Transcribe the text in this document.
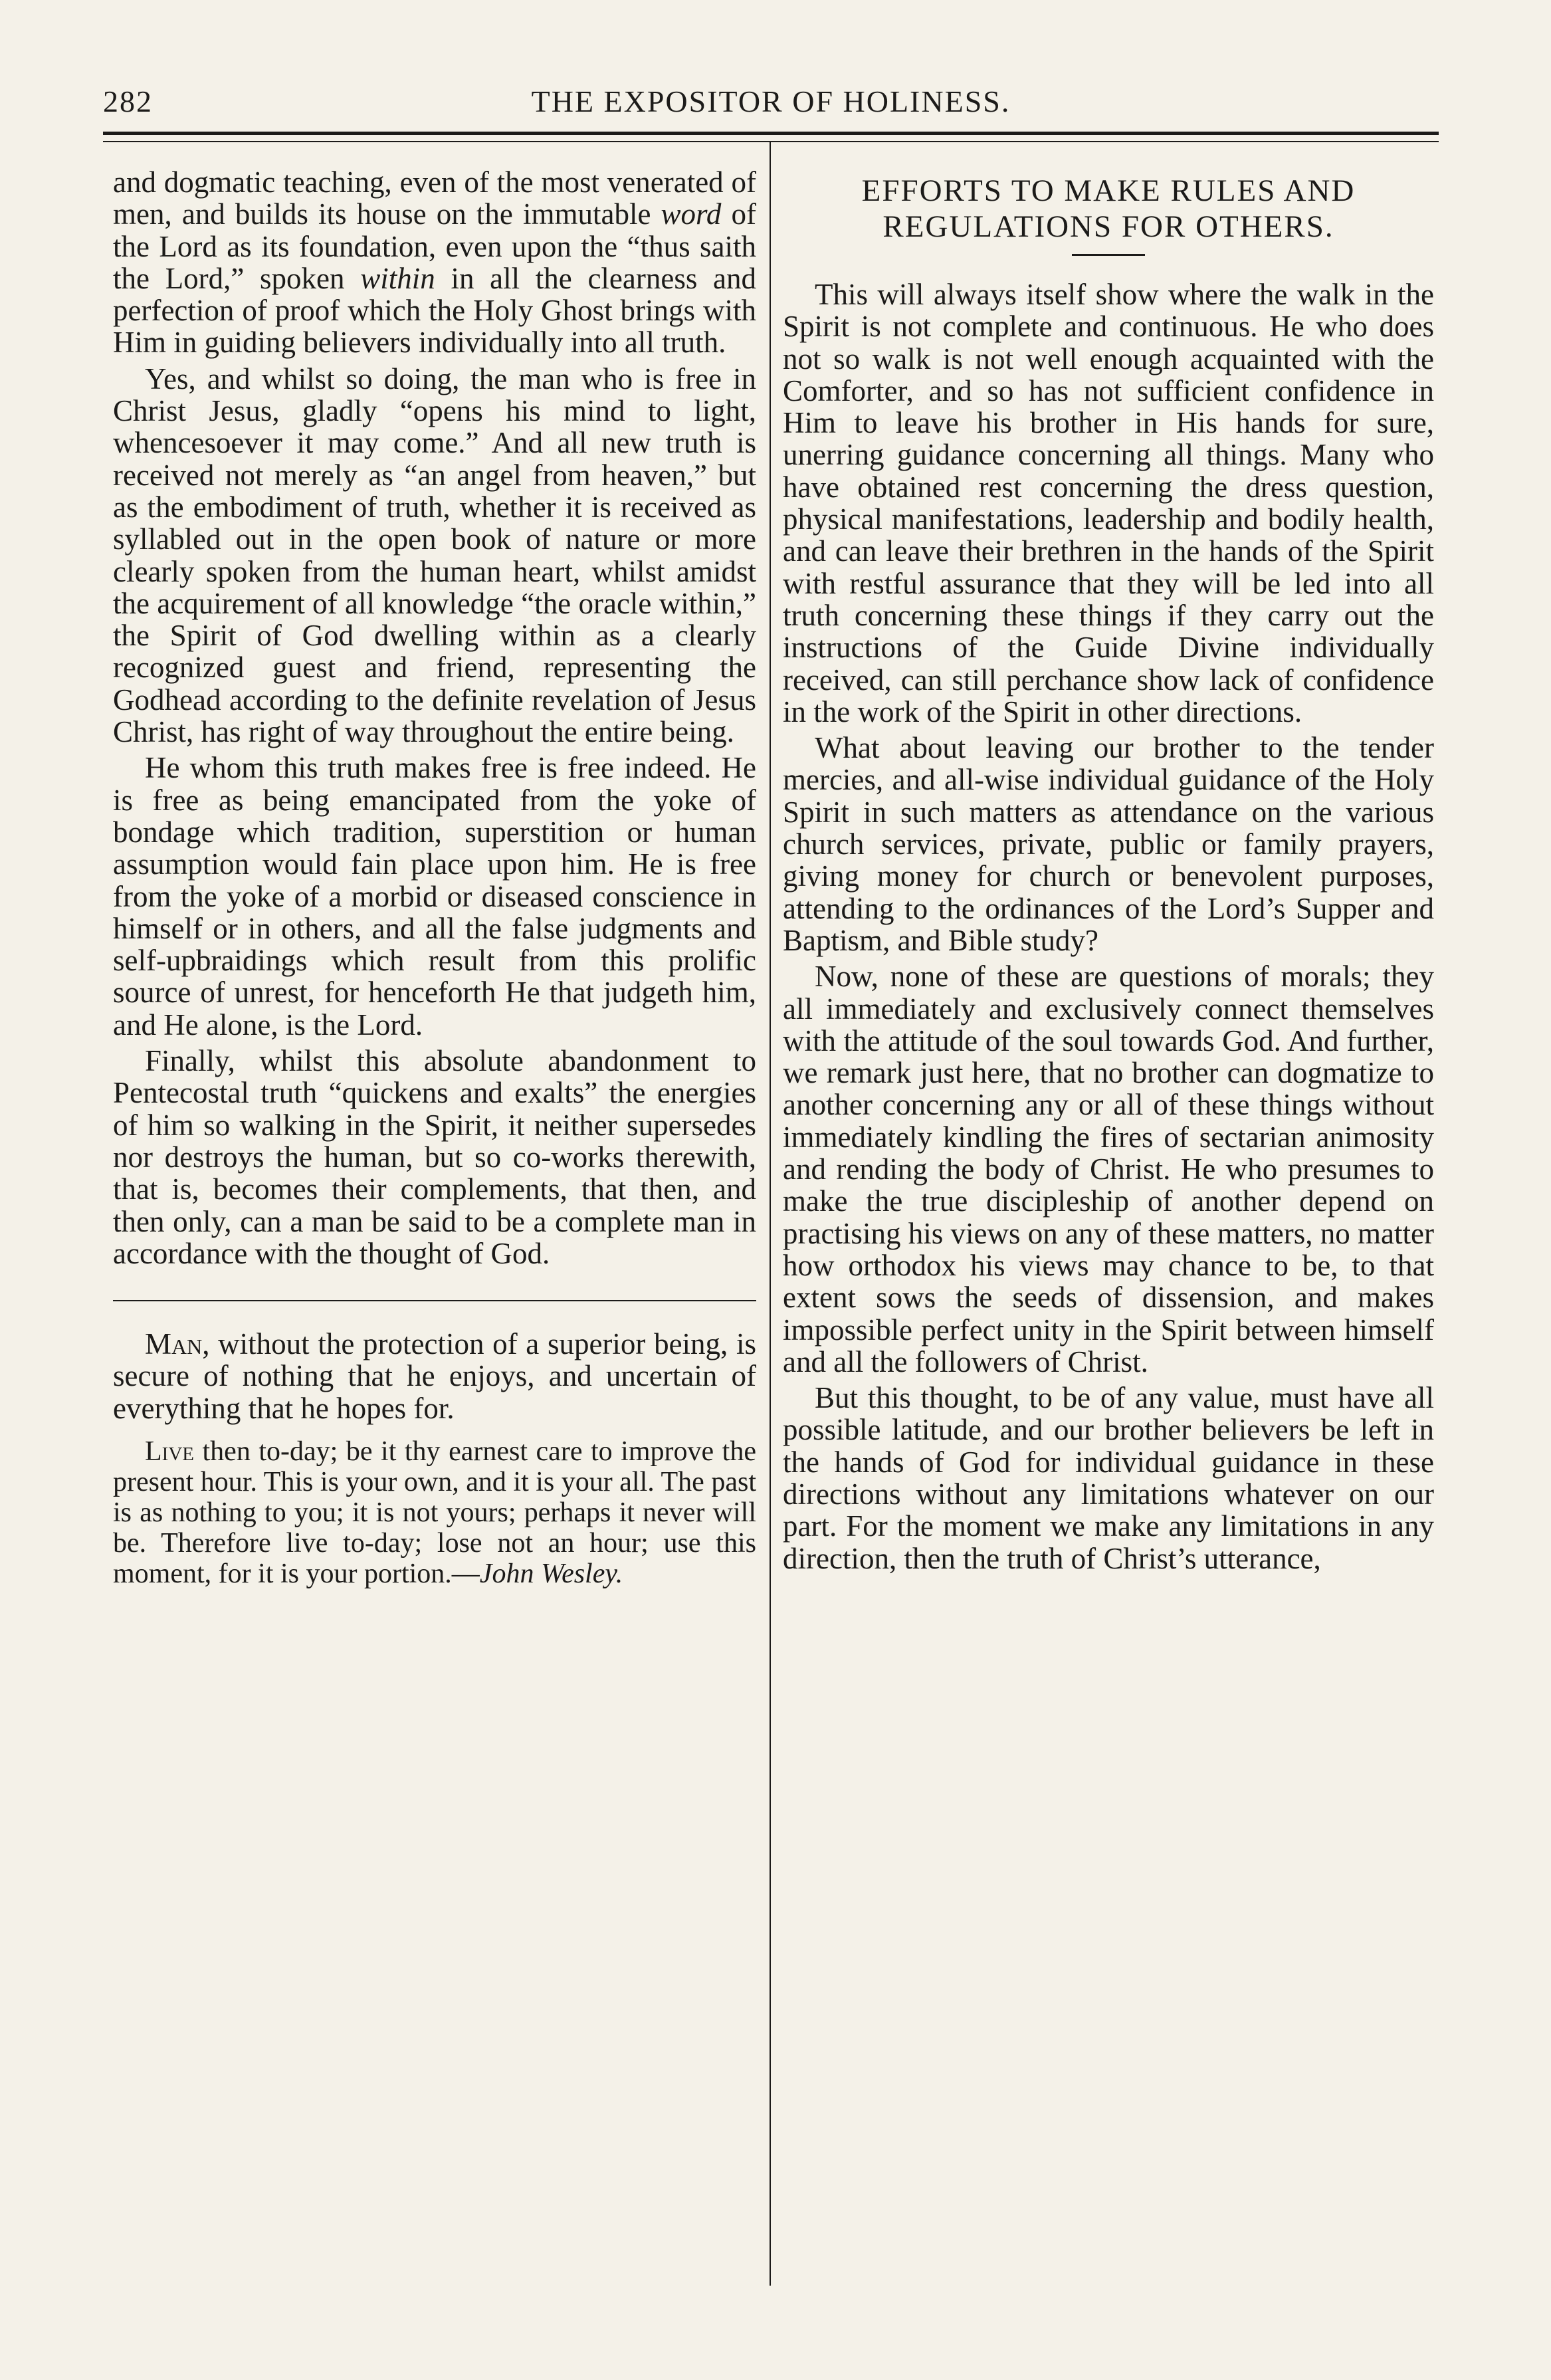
282	THE EXPOSITOR OF HOLINESS.

and dogmatic teaching, even of the most venerated of men, and builds its house on the immutable word of the Lord as its foundation, even upon the “thus saith the Lord,” spoken within in all the clearness and perfection of proof which the Holy Ghost brings with Him in guiding believers individually into all truth.

Yes, and whilst so doing, the man who is free in Christ Jesus, gladly “opens his mind to light, whencesoever it may come.” And all new truth is received not merely as “an angel from heaven,” but as the embodiment of truth, whether it is received as syllabled out in the open book of nature or more clearly spoken from the human heart, whilst amidst the acquirement of all knowledge “the oracle within,” the Spirit of God dwelling within as a clearly recognized guest and friend, representing the Godhead according to the definite revelation of Jesus Christ, has right of way throughout the entire being.

He whom this truth makes free is free indeed. He is free as being emancipated from the yoke of bondage which tradition, superstition or human assumption would fain place upon him. He is free from the yoke of a morbid or diseased conscience in himself or in others, and all the false judgments and self-upbraidings which result from this prolific source of unrest, for henceforth He that judgeth him, and He alone, is the Lord.

Finally, whilst this absolute abandonment to Pentecostal truth “quickens and exalts” the energies of him so walking in the Spirit, it neither supersedes nor destroys the human, but so co-works therewith, that is, becomes their complements, that then, and then only, can a man be said to be a complete man in accordance with the thought of God.

Man, without the protection of a superior being, is secure of nothing that he enjoys, and uncertain of everything that he hopes for.

Live then to-day; be it thy earnest care to improve the present hour. This is your own, and it is your all. The past is as nothing to you; it is not yours; perhaps it never will be. Therefore live to-day; lose not an hour; use this moment, for it is your portion.—John Wesley.

EFFORTS TO MAKE RULES AND REGULATIONS FOR OTHERS.

This will always itself show where the walk in the Spirit is not complete and continuous. He who does not so walk is not well enough acquainted with the Comforter, and so has not sufficient confidence in Him to leave his brother in His hands for sure, unerring guidance concerning all things. Many who have obtained rest concerning the dress question, physical manifestations, leadership and bodily health, and can leave their brethren in the hands of the Spirit with restful assurance that they will be led into all truth concerning these things if they carry out the instructions of the Guide Divine individually received, can still perchance show lack of confidence in the work of the Spirit in other directions.

What about leaving our brother to the tender mercies, and all-wise individual guidance of the Holy Spirit in such matters as attendance on the various church services, private, public or family prayers, giving money for church or benevolent purposes, attending to the ordinances of the Lord’s Supper and Baptism, and Bible study?

Now, none of these are questions of morals; they all immediately and exclusively connect themselves with the attitude of the soul towards God. And further, we remark just here, that no brother can dogmatize to another concerning any or all of these things without immediately kindling the fires of sectarian animosity and rending the body of Christ. He who presumes to make the true discipleship of another depend on practising his views on any of these matters, no matter how orthodox his views may chance to be, to that extent sows the seeds of dissension, and makes impossible perfect unity in the Spirit between himself and all the followers of Christ.

But this thought, to be of any value, must have all possible latitude, and our brother believers be left in the hands of God for individual guidance in these directions without any limitations whatever on our part. For the moment we make any limitations in any direction, then the truth of Christ’s utterance,
